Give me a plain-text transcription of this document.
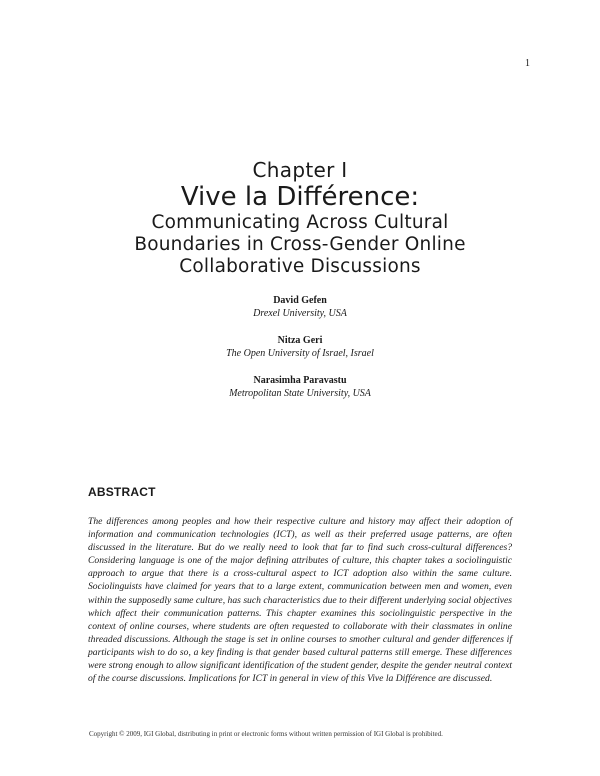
1
Chapter I
Vive la Différence:
Communicating Across Cultural
Boundaries in Cross-Gender Online
Collaborative Discussions
David Gefen
Drexel University, USA
Nitza Geri
The Open University of Israel, Israel
Narasimha Paravastu
Metropolitan State University, USA
ABSTRACT

The differences among peoples and how their respective culture and history may affect their adoption of information and communication technologies (ICT), as well as their preferred usage patterns, are often discussed in the literature. But do we really need to look that far to find such cross-cultural differences? Considering language is one of the major defining attributes of culture, this chapter takes a sociolinguistic approach to argue that there is a cross-cultural aspect to ICT adoption also within the same culture. Sociolinguists have claimed for years that to a large extent, communication between men and women, even within the supposedly same culture, has such characteristics due to their different underlying social objectives which affect their communication patterns. This chapter examines this sociolinguistic perspective in the context of online courses, where students are often requested to collaborate with their classmates in online threaded discussions. Although the stage is set in online courses to smother cultural and gender differences if participants wish to do so, a key finding is that gender based cultural patterns still emerge. These differences were strong enough to allow significant identification of the student gender, despite the gender neutral context of the course discussions. Implications for ICT in general in view of this Vive la Différence are discussed.

Copyright © 2009, IGI Global, distributing in print or electronic forms without written permission of IGI Global is prohibited.
